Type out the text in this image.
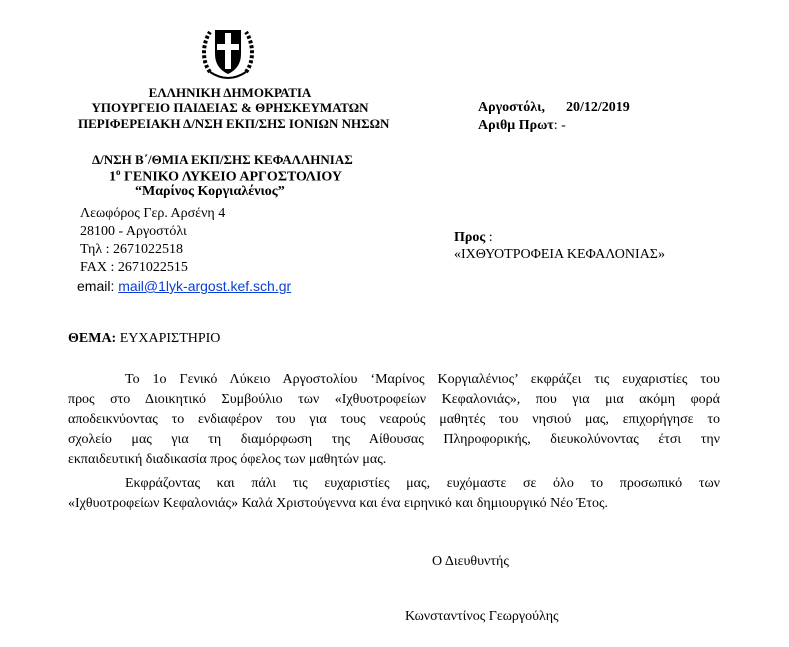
ΕΛΛΗΝΙΚΗ ΔΗΜΟΚΡΑΤΙΑ
ΥΠΟΥΡΓΕΙΟ ΠΑΙΔΕΙΑΣ & ΘΡΗΣΚΕΥΜΑΤΩΝ
ΠΕΡΙΦΕΡΕΙΑΚΗ Δ/ΝΣΗ ΕΚΠ/ΣΗΣ ΙΟΝΙΩΝ ΝΗΣΩΝ
Δ/ΝΣΗ Β΄/ΘΜΙΑ ΕΚΠ/ΣΗΣ ΚΕΦΑΛΛΗΝΙΑΣ
$1^o$ ΓΕΝΙΚΟ ΛΥΚΕΙΟ ΑΡΓΟΣΤΟΛΙΟΥ
“Μαρίνος Κοργιαλένιος”
Λεωφόρος Γερ. Αρσένη 4
28100 - Αργοστόλι
Τηλ : 2671022518
FAX : 2671022515
email: mail@1lyk-argost.kef.sch.gr
Αργοστόλι, 20/12/2019
Αριθμ Πρωτ: -
Προς :
«ΙΧΘΥΟΤΡΟΦΕΙΑ ΚΕΦΑΛΟΝΙΑΣ»
ΘΕΜΑ: ΕΥΧΑΡΙΣΤΗΡΙΟ
Το 1ο Γενικό Λύκειο Αργοστολίου ‘Μαρίνος Κοργιαλένιος’ εκφράζει τις ευχαριστίες του
προς στο Διοικητικό Συμβούλιο των «Ιχθυοτροφείων Κεφαλονιάς», που για μια ακόμη φορά
αποδεικνύοντας το ενδιαφέρον του για τους νεαρούς μαθητές του νησιού μας, επιχορήγησε το
σχολείο μας για τη διαμόρφωση της Αίθουσας Πληροφορικής, διευκολύνοντας έτσι την
εκπαιδευτική διαδικασία προς όφελος των μαθητών μας.
Εκφράζοντας και πάλι τις ευχαριστίες μας, ευχόμαστε σε όλο το προσωπικό των
«Ιχθυοτροφείων Κεφαλονιάς» Καλά Χριστούγεννα και ένα ειρηνικό και δημιουργικό Νέο Έτος.
Ο Διευθυντής
Κωνσταντίνος Γεωργούλης
